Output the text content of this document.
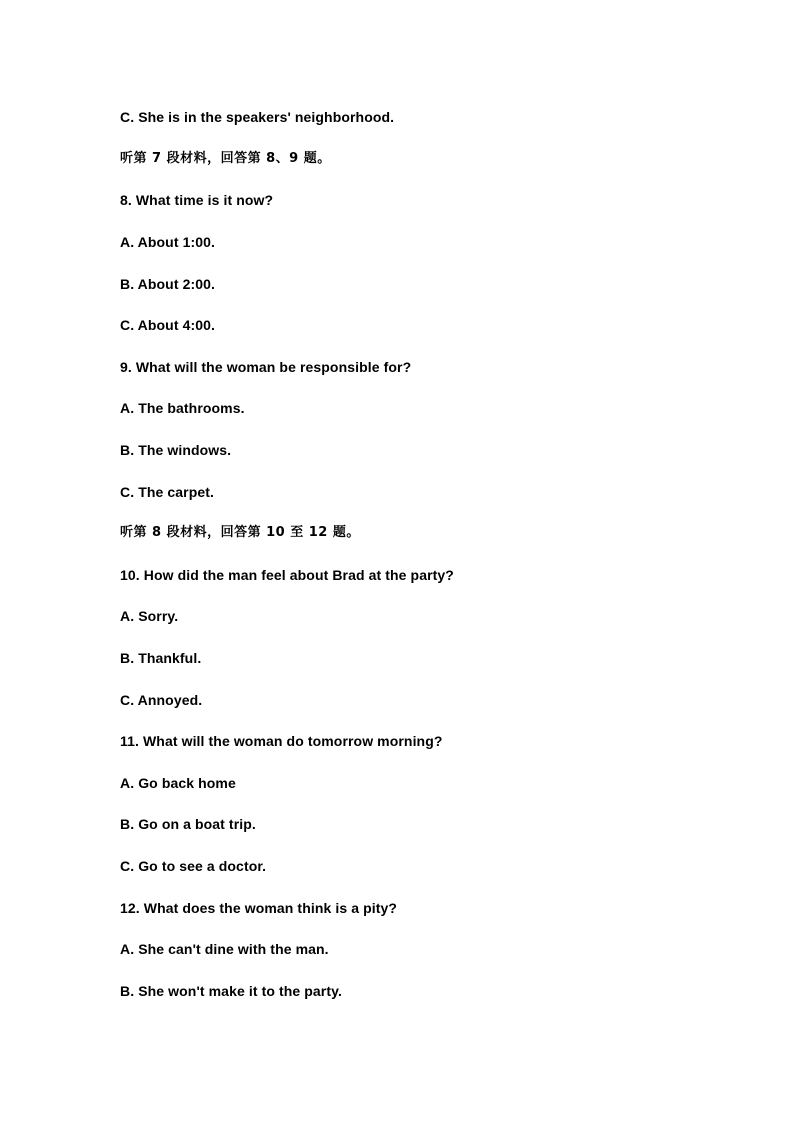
C. She is in the speakers' neighborhood.
听第 7 段材料，回答第 8、9 题。
8. What time is it now?
A. About 1:00.
B. About 2:00.
C. About 4:00.
9. What will the woman be responsible for?
A. The bathrooms.
B. The windows.
C. The carpet.
听第 8 段材料，回答第 10 至 12 题。
10. How did the man feel about Brad at the party?
A. Sorry.
B. Thankful.
C. Annoyed.
11. What will the woman do tomorrow morning?
A. Go back home
B. Go on a boat trip.
C. Go to see a doctor.
12. What does the woman think is a pity?
A. She can't dine with the man.
B. She won't make it to the party.
